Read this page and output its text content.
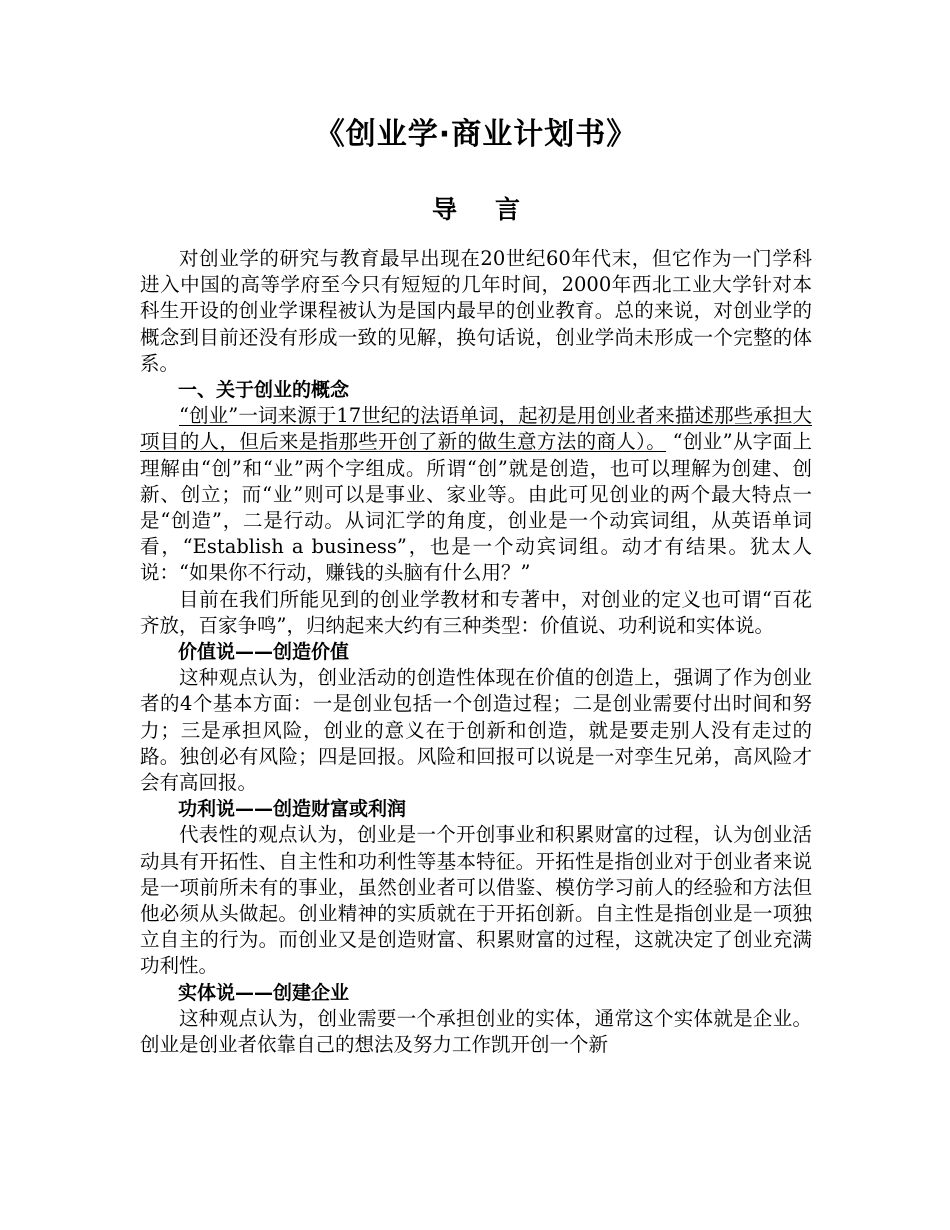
《创业学·商业计划书》
导言

对创业学的研究与教育最早出现在20世纪60年代末，但它作为一门学科进入中国的高等学府至今只有短短的几年时间，2000年西北工业大学针对本科生开设的创业学课程被认为是国内最早的创业教育。总的来说，对创业学的概念到目前还没有形成一致的见解，换句话说，创业学尚未形成一个完整的体系。

一、关于创业的概念

“创业”一词来源于17世纪的法语单词，起初是用创业者来描述那些承担大项目的人，但后来是指那些开创了新的做生意方法的商人）。 “创业”从字面上理解由“创”和“业”两个字组成。所谓“创”就是创造，也可以理解为创建、创新、创立；而“业”则可以是事业、家业等。由此可见创业的两个最大特点一是“创造”，二是行动。从词汇学的角度，创业是一个动宾词组，从英语单词看，“Establish a business”，也是一个动宾词组。动才有结果。犹太人说：“如果你不行动，赚钱的头脑有什么用？”

目前在我们所能见到的创业学教材和专著中，对创业的定义也可谓“百花齐放，百家争鸣”，归纳起来大约有三种类型：价值说、功利说和实体说。

价值说——创造价值

这种观点认为，创业活动的创造性体现在价值的创造上，强调了作为创业者的4个基本方面：一是创业包括一个创造过程；二是创业需要付出时间和努力；三是承担风险，创业的意义在于创新和创造，就是要走别人没有走过的路。独创必有风险；四是回报。风险和回报可以说是一对孪生兄弟，高风险才会有高回报。

功利说——创造财富或利润

代表性的观点认为，创业是一个开创事业和积累财富的过程，认为创业活动具有开拓性、自主性和功利性等基本特征。开拓性是指创业对于创业者来说是一项前所未有的事业，虽然创业者可以借鉴、模仿学习前人的经验和方法但他必须从头做起。创业精神的实质就在于开拓创新。自主性是指创业是一项独立自主的行为。而创业又是创造财富、积累财富的过程，这就决定了创业充满功利性。

实体说——创建企业

这种观点认为，创业需要一个承担创业的实体，通常这个实体就是企业。创业是创业者依靠自己的想法及努力工作凯开创一个新
